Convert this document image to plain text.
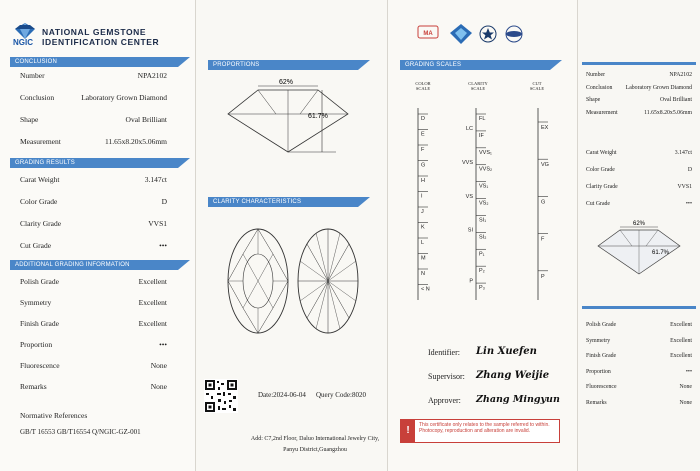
NGIC
NATIONAL GEMSTONE
IDENTIFICATION CENTER
CONCLUSION
Number	NPA2102
Conclusion	Laboratory Grown Diamond
Shape	Oval Brilliant
Measurement	11.65x8.20x5.06mm
GRADING RESULTS
Carat Weight	3.147ct
Color Grade	D
Clarity Grade	VVS1
Cut Grade	•••
ADDITIONAL GRADING INFORMATION
Polish Grade	Excellent
Symmetry	Excellent
Finish Grade	Excellent
Proportion	•••
Fluorescence	None
Remarks	None
Normative References
GB/T 16553 GB/T16554 Q/NGIC-GZ-001
PROPORTIONS
62%
61.7%
CLARITY CHARACTERISTICS
Date:2024-06-04 Query Code:8020
Add: C7,2nd Floor, Daluo International Jewelry City,
Panyu District,Guangzhou
MA
GRADING SCALES
COLOR SCALE
CLARITY SCALE
CUT SCALE
D
E
F
G
H
I
J
K
L
M
N
< N
FL
IF
VVS₁
VVS₂
VS₁
VS₂
SI₁
SI₂
P₁
P₂
P₃
LC
VVS
VS
SI
P
EX
VG
G
F
P
Identifier: Lin Xuefen
Supervisor: Zhang Weijie
Approver: Zhang Mingyun
!	This certificate only relates to the sample referred to within. Photocopy, reproduction and alteration are invalid.
Number	NPA2102
Conclusion Laboratory Grown Diamond
Shape	Oval Brilliant
Measurement	11.65x8.20x5.06mm
Carat Weight	3.147ct
Color Grade	D
Clarity Grade	VVS1
Cut Grade	•••
62%
61.7%
Polish Grade	Excellent
Symmetry	Excellent
Finish Grade	Excellent
Proportion	•••
Fluorescence	None
Remarks	None
